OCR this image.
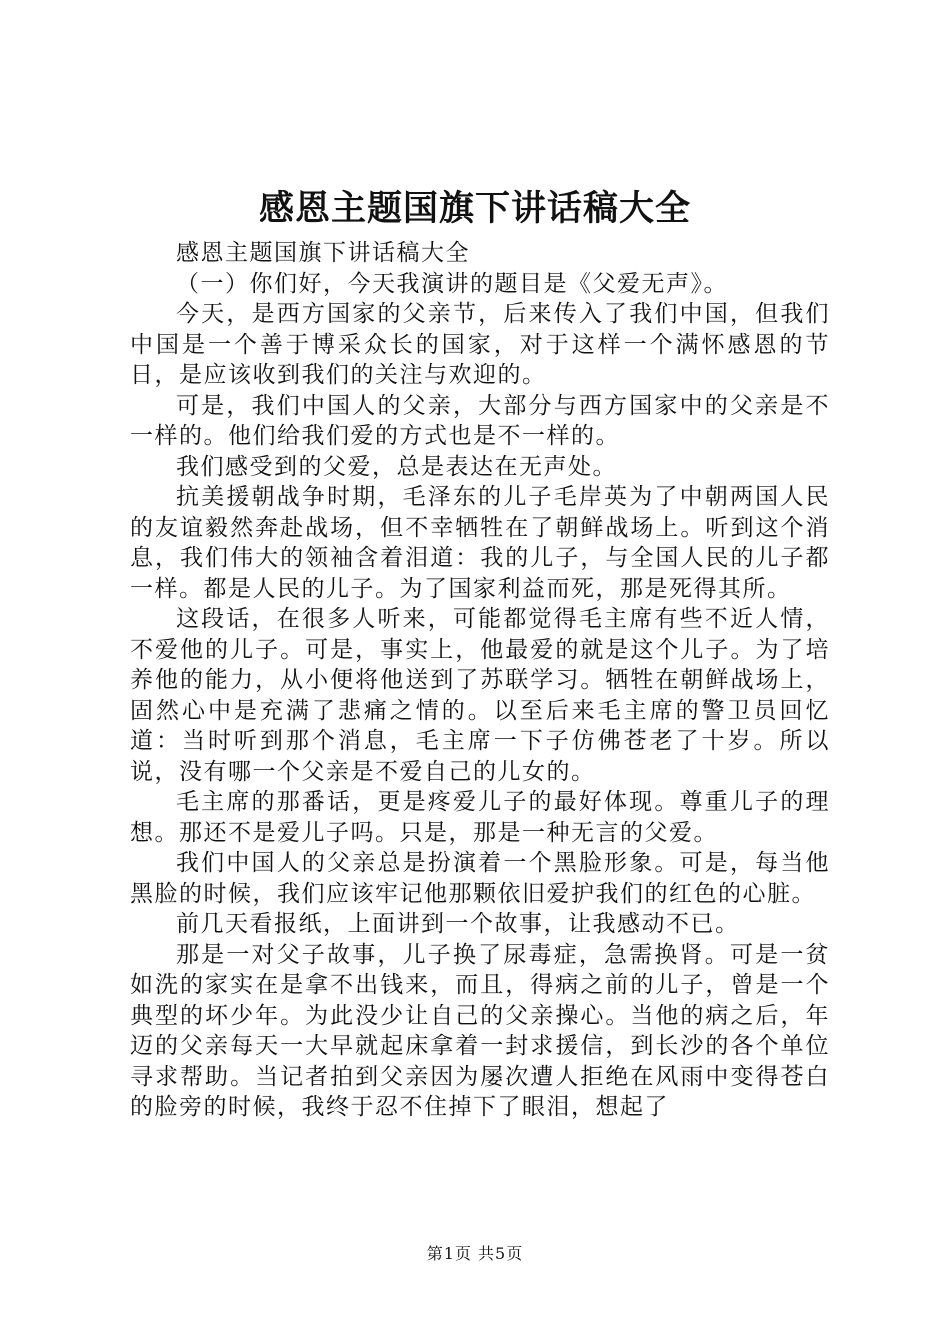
感恩主题国旗下讲话稿大全

感恩主题国旗下讲话稿大全

（一）你们好，今天我演讲的题目是《父爱无声》。

今天，是西方国家的父亲节，后来传入了我们中国，但我们中国是一个善于博采众长的国家，对于这样一个满怀感恩的节日，是应该收到我们的关注与欢迎的。

可是，我们中国人的父亲，大部分与西方国家中的父亲是不一样的。他们给我们爱的方式也是不一样的。

我们感受到的父爱，总是表达在无声处。

抗美援朝战争时期，毛泽东的儿子毛岸英为了中朝两国人民的友谊毅然奔赴战场，但不幸牺牲在了朝鲜战场上。听到这个消息，我们伟大的领袖含着泪道：我的儿子，与全国人民的儿子都一样。都是人民的儿子。为了国家利益而死，那是死得其所。

这段话，在很多人听来，可能都觉得毛主席有些不近人情，不爱他的儿子。可是，事实上，他最爱的就是这个儿子。为了培养他的能力，从小便将他送到了苏联学习。牺牲在朝鲜战场上，固然心中是充满了悲痛之情的。以至后来毛主席的警卫员回忆道：当时听到那个消息，毛主席一下子仿佛苍老了十岁。所以说，没有哪一个父亲是不爱自己的儿女的。

毛主席的那番话，更是疼爱儿子的最好体现。尊重儿子的理想。那还不是爱儿子吗。只是，那是一种无言的父爱。

我们中国人的父亲总是扮演着一个黑脸形象。可是，每当他黑脸的时候，我们应该牢记他那颗依旧爱护我们的红色的心脏。

前几天看报纸，上面讲到一个故事，让我感动不已。

那是一对父子故事，儿子换了尿毒症，急需换肾。可是一贫如洗的家实在是拿不出钱来，而且，得病之前的儿子，曾是一个典型的坏少年。为此没少让自己的父亲操心。当他的病之后，年迈的父亲每天一大早就起床拿着一封求援信，到长沙的各个单位寻求帮助。当记者拍到父亲因为屡次遭人拒绝在风雨中变得苍白的脸旁的时候，我终于忍不住掉下了眼泪，想起了

第1页 共5页
